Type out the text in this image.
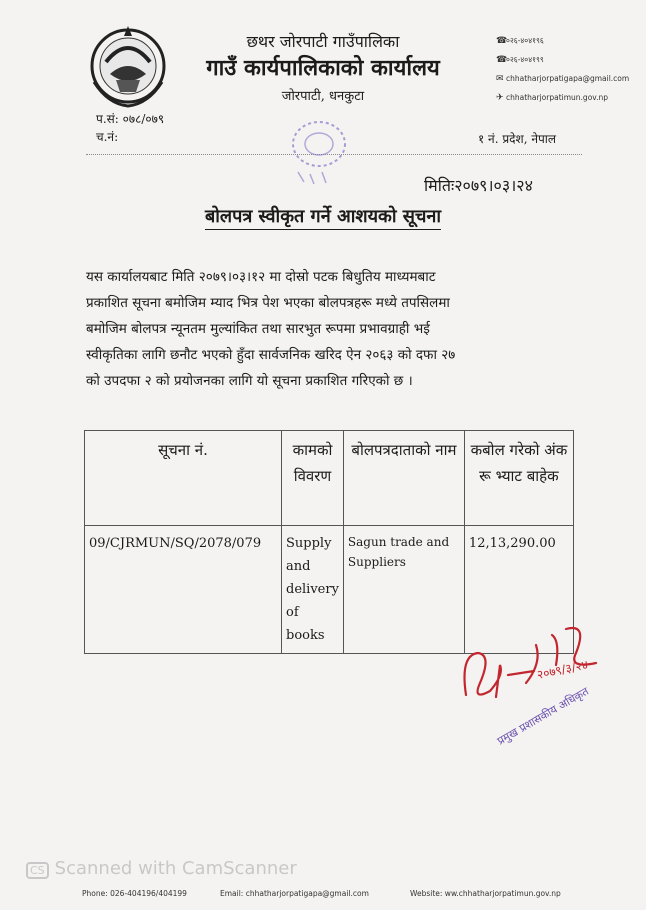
छथर जोरपाटी गाउँपालिका
गाउँ कार्यपालिकाको कार्यालय
जोरपाटी, धनकुटा
☎०२६-४०४१९६
☎०२६-४०४१९९
✉ chhatharjorpatigapa@gmail.com
✈ chhatharjorpatimun.gov.np
प.सं: ०७८/०७९
च.नं:	१ नं. प्रदेश, नेपाल
मितिः२०७९।०३।२४
बोलपत्र स्वीकृत गर्ने आशयको सूचना
यस कार्यालयबाट मिति २०७९।०३।१२ मा दोस्रो पटक बिधुतिय माध्यमबाट
प्रकाशित सूचना बमोजिम म्याद भित्र पेश भएका बोलपत्रहरू मध्ये तपसिलमा
बमोजिम बोलपत्र न्यूनतम मुल्यांकित तथा सारभुत रूपमा प्रभावग्राही भई
स्वीकृतिका लागि छनौट भएको हुँदा सार्वजनिक खरिद ऐन २०६३ को दफा २७
को उपदफा २ को प्रयोजनका लागि यो सूचना प्रकाशित गरिएको छ ।
सूचना नं.	कामको विवरण	बोलपत्रदाताको नाम	कबोल गरेको अंक रू भ्याट बाहेक
09/CJRMUN/SQ/2078/079	Supply and delivery of books	Sagun trade and Suppliers	12,13,290.00
२०७९/३/२४
प्रमुख प्रशासकीय अधिकृत
CS Scanned with CamScanner
Phone: 026-404196/404199	Email: chhatharjorpatigapa@gmail.com	Website: ww.chhatharjorpatimun.gov.np
